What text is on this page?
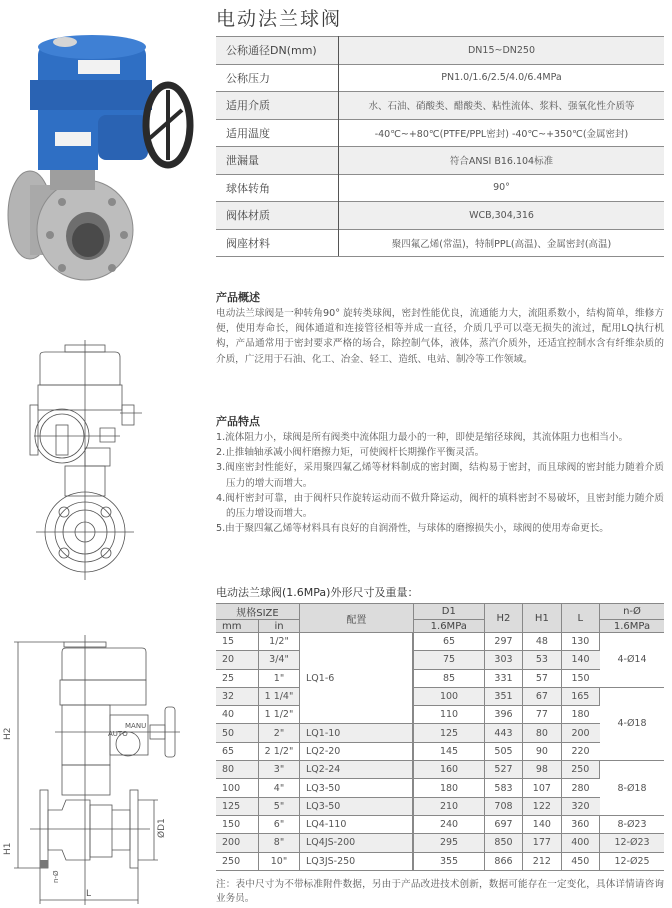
H2
H1
ØD1
n-Ø
L
MANU
AUTO
电动法兰球阀
公称通径DN(mm)	DN15~DN250
公称压力	PN1.0/1.6/2.5/4.0/6.4MPa
适用介质	水、石油、硝酸类、醋酸类、粘性流体、浆料、强氧化性介质等
适用温度	-40℃~+80℃(PTFE/PPL密封) -40℃~+350℃(金属密封)
泄漏量	符合ANSI B16.104标准
球体转角	90°
阀体材质	WCB,304,316
阀座材料	聚四氟乙烯(常温)，特制PPL(高温)、金属密封(高温)
产品概述

电动法兰球阀是一种转角90° 旋转类球阀，密封性能优良，流通能力大，流阻系数小，结构简单，维修方便，使用寿命长，阀体通道和连接管径相等并成一直径，介质几乎可以毫无损失的流过，配用LQ执行机构，产品通常用于密封要求严格的场合，除控制气体，液体，蒸汽介质外，还适宜控制水含有纤维杂质的介质，广泛用于石油、化工、冶金、轻工、造纸、电站、制冷等工作领域。

产品特点

1.流体阻力小，球阀是所有阀类中流体阻力最小的一种，即使是缩径球阀，其流体阻力也相当小。

2.止推轴轴承减小阀杆磨擦力矩，可使阀杆长期操作平衡灵活。

3.阀座密封性能好，采用聚四氟乙烯等材料制成的密封圈，结构易于密封，而且球阀的密封能力随着介质压力的增大而增大。

4.阀杆密封可靠，由于阀杆只作旋转运动而不做升降运动，阀杆的填料密封不易破坏，且密封能力随介质的压力增设而增大。

5.由于聚四氟乙烯等材料具有良好的自润滑性，与球体的磨擦损失小，球阀的使用寿命更长。

电动法兰球阀(1.6MPa)外形尺寸及重量：
规格SIZE		配置	D1	H2	H1	L	n-Ø
mm	in		1.6MPa				1.6MPa
15	1/2"	LQ1-6	65	297	48	130	4-Ø14
20	3/4"		75	303	53	140	
25	1"		85	331	57	150	
32	1 1/4"		100	351	67	165	4-Ø18
40	1 1/2"		110	396	77	180	
50	2"	LQ1-10	125	443	80	200	
65	2 1/2"	LQ2-20	145	505	90	220	
80	3"	LQ2-24	160	527	98	250	8-Ø18
100	4"	LQ3-50	180	583	107	280	
125	5"	LQ3-50	210	708	122	320	
150	6"	LQ4-110	240	697	140	360	8-Ø23
200	8"	LQ4JS-200	295	850	177	400	12-Ø23
250	10"	LQ3JS-250	355	866	212	450	12-Ø25
注：表中尺寸为不带标准附件数据，另由于产品改进技术创新，数据可能存在一定变化，具体详情请咨询业务员。
